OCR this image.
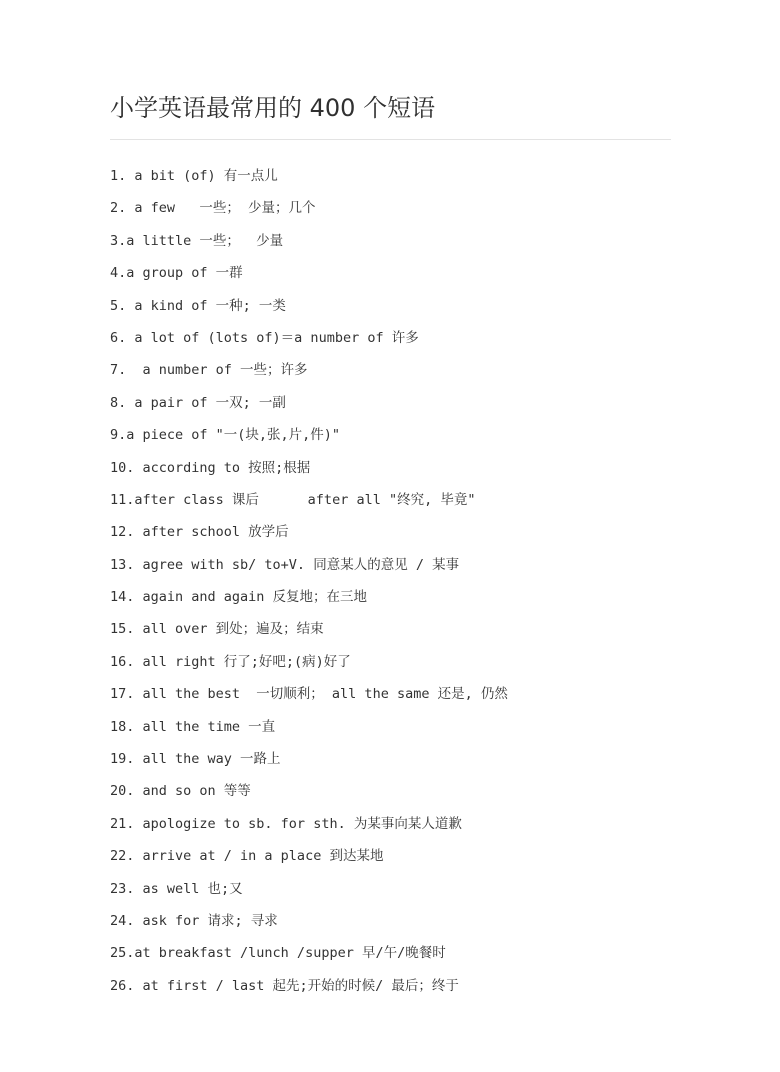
小学英语最常用的 400 个短语
1. a bit (of) 有一点儿
2. a few   一些； 少量；几个
3.a little 一些；  少量
4.a group of 一群
5. a kind of 一种; 一类
6. a lot of (lots of)＝a number of 许多
7.  a number of 一些；许多
8. a pair of 一双; 一副
9.a piece of "一(块,张,片,件)"
10. according to 按照;根据
11.after class 课后      after all "终究, 毕竟"
12. after school 放学后
13. agree with sb/ to+V. 同意某人的意见 / 某事
14. again and again 反复地；在三地
15. all over 到处；遍及；结束
16. all right 行了;好吧;(病)好了
17. all the best  一切顺利； all the same 还是, 仍然
18. all the time 一直
19. all the way 一路上
20. and so on 等等
21. apologize to sb. for sth. 为某事向某人道歉
22. arrive at / in a place 到达某地
23. as well 也;又
24. ask for 请求; 寻求
25.at breakfast /lunch /supper 早/午/晚餐时
26. at first / last 起先;开始的时候/ 最后；终于
